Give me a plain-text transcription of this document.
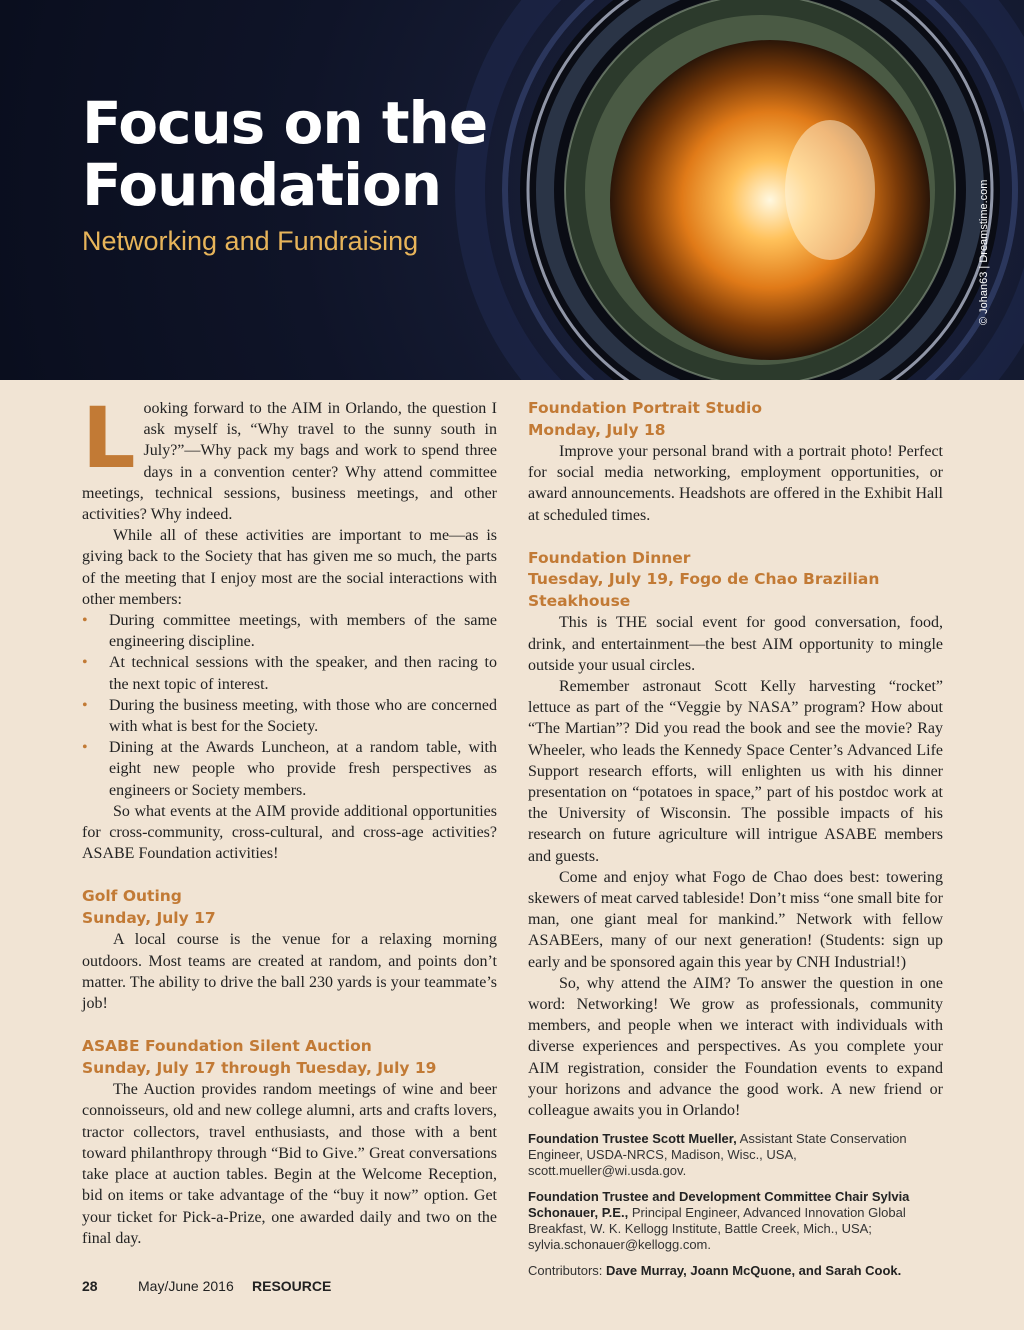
Focus on the
Foundation
Networking and Fundraising	© Johan63 | Dreamstime.com
L ooking forward to the AIM in Orlando, the question I ask myself is, “Why travel to the sunny south in July?”—Why pack my bags and work to spend three days in a convention center? Why attend committee meetings, technical sessions, business meetings, and other activities? Why indeed.

While all of these activities are important to me—as is giving back to the Society that has given me so much, the parts of the meeting that I enjoy most are the social interactions with other members:

• During committee meetings, with members of the same engineering discipline.
• At technical sessions with the speaker, and then racing to the next topic of interest.
• During the business meeting, with those who are concerned with what is best for the Society.
• Dining at the Awards Luncheon, at a random table, with eight new people who provide fresh perspectives as engineers or Society members.

So what events at the AIM provide additional opportunities for cross-community, cross-cultural, and cross-age activities? ASABE Foundation activities!

Golf Outing
Sunday, July 17

A local course is the venue for a relaxing morning outdoors. Most teams are created at random, and points don’t matter. The ability to drive the ball 230 yards is your teammate’s job!

ASABE Foundation Silent Auction
Sunday, July 17 through Tuesday, July 19

The Auction provides random meetings of wine and beer connoisseurs, old and new college alumni, arts and crafts lovers, tractor collectors, travel enthusiasts, and those with a bent toward philanthropy through “Bid to Give.” Great conversations take place at auction tables. Begin at the Welcome Reception, bid on items or take advantage of the “buy it now” option. Get your ticket for Pick-a-Prize, one awarded daily and two on the final day.

Foundation Portrait Studio
Monday, July 18

Improve your personal brand with a portrait photo! Perfect for social media networking, employment opportunities, or award announcements. Headshots are offered in the Exhibit Hall at scheduled times.

Foundation Dinner
Tuesday, July 19, Fogo de Chao Brazilian Steakhouse

This is THE social event for good conversation, food, drink, and entertainment—the best AIM opportunity to mingle outside your usual circles.

Remember astronaut Scott Kelly harvesting “rocket” lettuce as part of the “Veggie by NASA” program? How about “The Martian”? Did you read the book and see the movie? Ray Wheeler, who leads the Kennedy Space Center’s Advanced Life Support research efforts, will enlighten us with his dinner presentation on “potatoes in space,” part of his postdoc work at the University of Wisconsin. The possible impacts of his research on future agriculture will intrigue ASABE members and guests.

Come and enjoy what Fogo de Chao does best: towering skewers of meat carved tableside! Don’t miss “one small bite for man, one giant meal for mankind.” Network with fellow ASABEers, many of our next generation! (Students: sign up early and be sponsored again this year by CNH Industrial!)

So, why attend the AIM? To answer the question in one word: Networking! We grow as professionals, community members, and people when we interact with individuals with diverse experiences and perspectives. As you complete your AIM registration, consider the Foundation events to expand your horizons and advance the good work. A new friend or colleague awaits you in Orlando!

Foundation Trustee Scott Mueller, Assistant State Conservation Engineer, USDA-NRCS, Madison, Wisc., USA, scott.mueller@wi.usda.gov.
Foundation Trustee and Development Committee Chair Sylvia Schonauer, P.E., Principal Engineer, Advanced Innovation Global Breakfast, W. K. Kellogg Institute, Battle Creek, Mich., USA; sylvia.schonauer@kellogg.com.
Contributors: Dave Murray, Joann McQuone, and Sarah Cook.
28	May/June 2016 RESOURCE
